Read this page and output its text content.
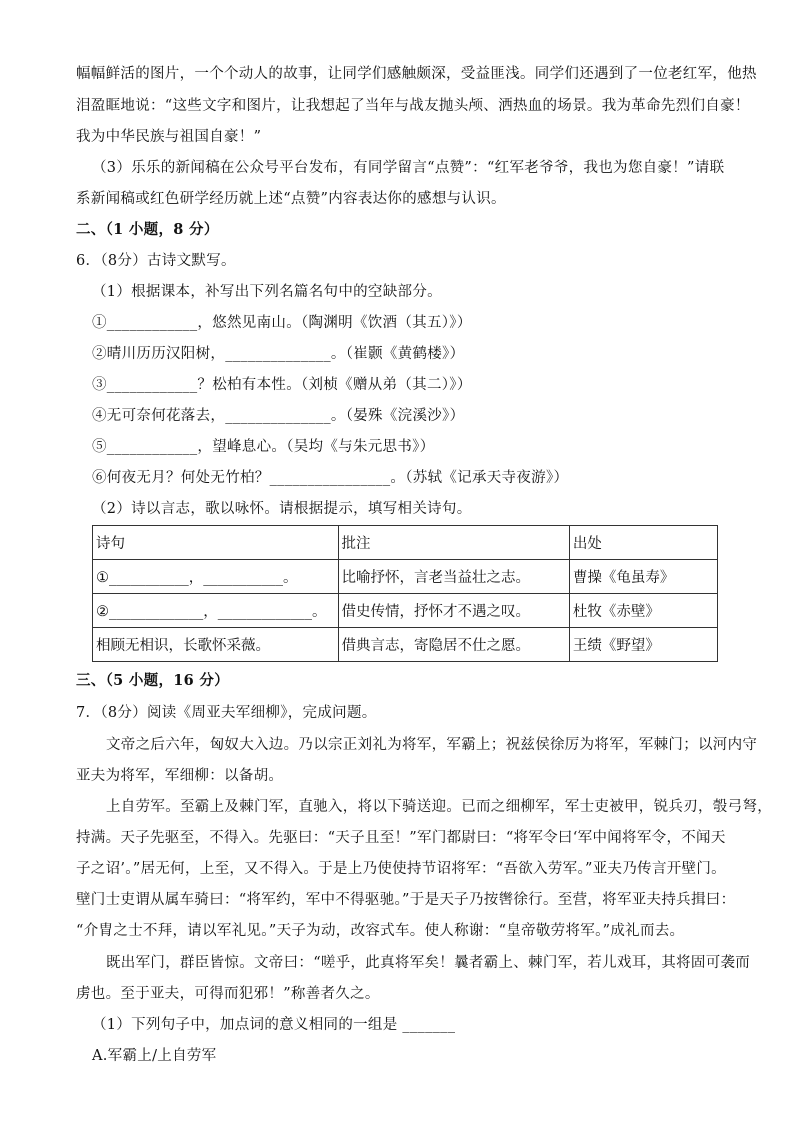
幅幅鲜活的图片，一个个动人的故事，让同学们感触颇深，受益匪浅。同学们还遇到了一位老红军，他热
泪盈眶地说：“这些文字和图片，让我想起了当年与战友抛头颅、洒热血的场景。我为革命先烈们自豪！
我为中华民族与祖国自豪！”
（3）乐乐的新闻稿在公众号平台发布，有同学留言“点赞”：“红军老爷爷，我也为您自豪！”请联
系新闻稿或红色研学经历就上述“点赞”内容表达你的感想与认识。
二、（1 小题，8 分）
6．（8分）古诗文默写。
（1）根据课本，补写出下列名篇名句中的空缺部分。
①____________，悠然见南山。（陶渊明《饮酒（其五）》）
②晴川历历汉阳树，______________。（崔颢《黄鹤楼》）
③____________？松柏有本性。（刘桢《赠从弟（其二）》）
④无可奈何花落去，______________。（晏殊《浣溪沙》）
⑤____________，望峰息心。（吴均《与朱元思书》）
⑥何夜无月？何处无竹柏？________________。（苏轼《记承天寺夜游》）
（2）诗以言志，歌以咏怀。请根据提示，填写相关诗句。
诗句	批注	出处
①___________，___________。	比喻抒怀，言老当益壮之志。	曹操《龟虽寿》
②_____________，_____________。	借史传情，抒怀才不遇之叹。	杜牧《赤壁》
相顾无相识，长歌怀采薇。	借典言志，寄隐居不仕之愿。	王绩《野望》
三、（5 小题，16 分）
7．（8分）阅读《周亚夫军细柳》，完成问题。
文帝之后六年，匈奴大入边。乃以宗正刘礼为将军，军霸上；祝兹侯徐厉为将军，军棘门；以河内守
亚夫为将军，军细柳：以备胡。
上自劳军。至霸上及棘门军，直驰入，将以下骑送迎。已而之细柳军，军士吏被甲，锐兵刃，彀弓弩，
持满。天子先驱至，不得入。先驱曰：“天子且至！”军门都尉曰：“将军令曰‘军中闻将军令，不闻天
子之诏’。”居无何，上至，又不得入。于是上乃使使持节诏将军：“吾欲入劳军。”亚夫乃传言开壁门。
壁门士吏谓从属车骑曰：“将军约，军中不得驱驰。”于是天子乃按辔徐行。至营，将军亚夫持兵揖曰：
“介胄之士不拜，请以军礼见。”天子为动，改容式车。使人称谢：“皇帝敬劳将军。”成礼而去。
既出军门，群臣皆惊。文帝曰：“嗟乎，此真将军矣！曩者霸上、棘门军，若儿戏耳，其将固可袭而
虏也。至于亚夫，可得而犯邪！”称善者久之。
（1）下列句子中，加点词的意义相同的一组是 _______
A.军霸上/上自劳军
